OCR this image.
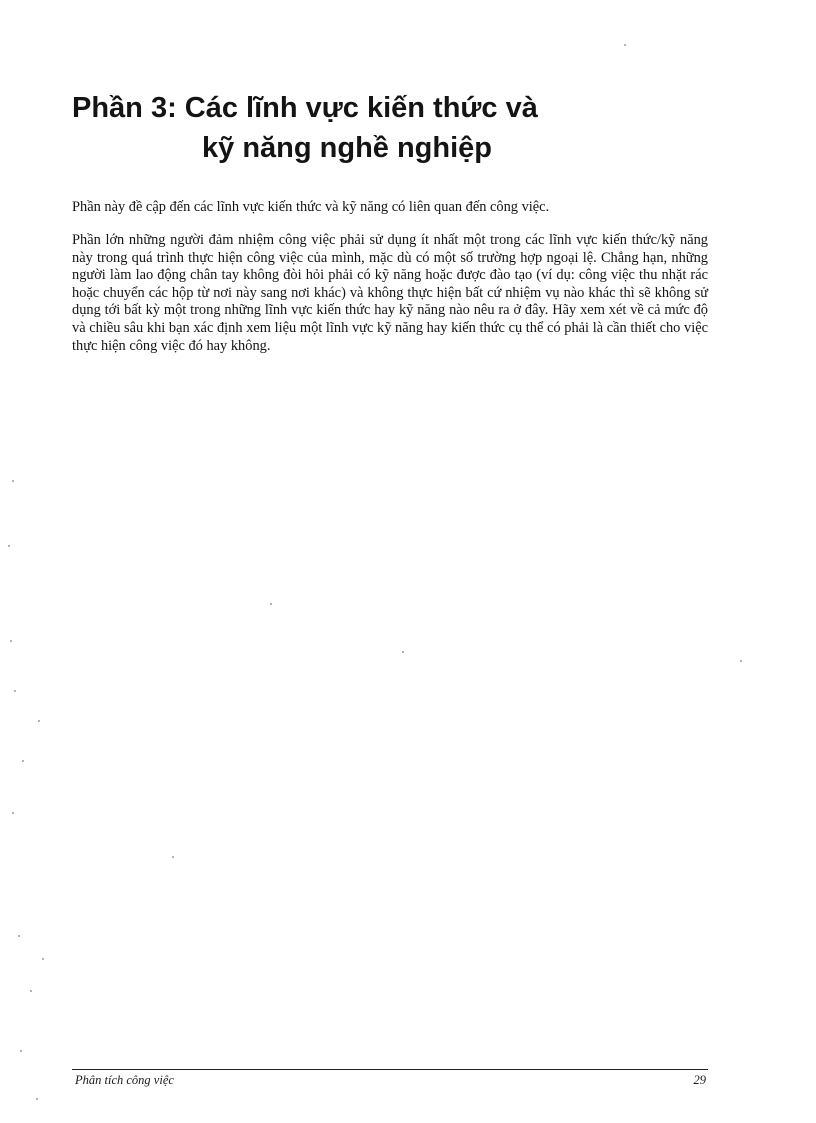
Phần 3: Các lĩnh vực kiến thức và
kỹ năng nghề nghiệp

Phần này đề cập đến các lĩnh vực kiến thức và kỹ năng có liên quan đến công việc.

Phần lớn những người đảm nhiệm công việc phải sử dụng ít nhất một trong các lĩnh vực kiến thức/kỹ năng này trong quá trình thực hiện công việc của mình, mặc dù có một số trường hợp ngoại lệ. Chẳng hạn, những người làm lao động chân tay không đòi hỏi phải có kỹ năng hoặc được đào tạo (ví dụ: công việc thu nhặt rác hoặc chuyển các hộp từ nơi này sang nơi khác) và không thực hiện bất cứ nhiệm vụ nào khác thì sẽ không sử dụng tới bất kỳ một trong những lĩnh vực kiến thức hay kỹ năng nào nêu ra ở đây. Hãy xem xét về cả mức độ và chiều sâu khi bạn xác định xem liệu một lĩnh vực kỹ năng hay kiến thức cụ thể có phải là cần thiết cho việc thực hiện công việc đó hay không.

Phân tích công việc	29
